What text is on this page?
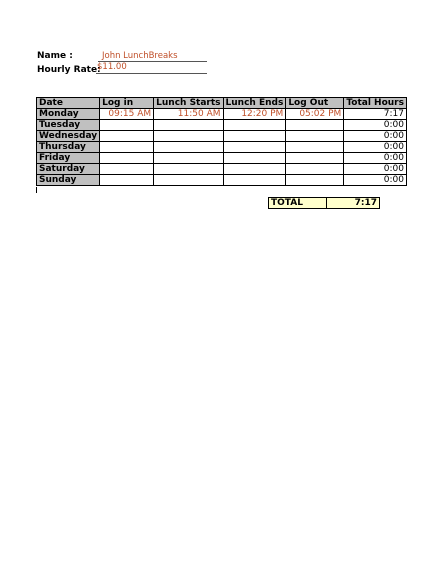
Name :	John LunchBreaks
Hourly Rate:
$11.00
Date	Log in	Lunch Starts	Lunch Ends	Log Out	Total Hours
Monday	09:15 AM	11:50 AM	12:20 PM	05:02 PM	7:17
Tuesday					0:00
Wednesday					0:00
Thursday					0:00
Friday					0:00
Saturday					0:00
Sunday					0:00
TOTAL	7:17
